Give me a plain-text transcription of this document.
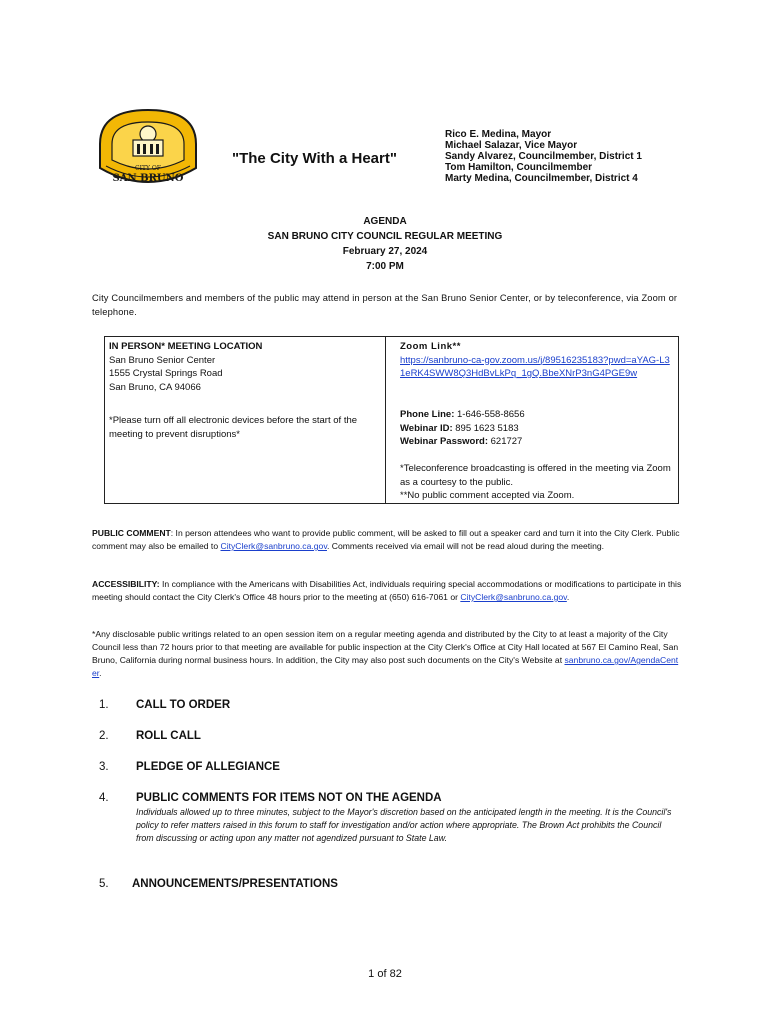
CITY OF
SAN BRUNO
"The City With a Heart"
Rico E. Medina, Mayor
Michael Salazar, Vice Mayor
Sandy Alvarez, Councilmember, District 1
Tom Hamilton, Councilmember
Marty Medina, Councilmember, District 4
AGENDA
SAN BRUNO CITY COUNCIL REGULAR MEETING
February 27, 2024
7:00 PM
City Councilmembers and members of the public may attend in person at the San Bruno Senior Center, or by teleconference, via Zoom or telephone.
IN PERSON* MEETING LOCATION
San Bruno Senior Center
1555 Crystal Springs Road
San Bruno, CA 94066
*Please turn off all electronic devices before the start of the meeting to prevent disruptions*
Zoom Link**
https://sanbruno-ca-gov.zoom.us/j/89516235183?pwd=aYAG-L31eRK4SWW8Q3HdBvLkPq_1gQ.BbeXNrP3nG4PGE9w
Phone Line: 1-646-558-8656
Webinar ID: 895 1623 5183
Webinar Password: 621727
*Teleconference broadcasting is offered in the meeting via Zoom as a courtesy to the public.
**No public comment accepted via Zoom.
PUBLIC COMMENT: In person attendees who want to provide public comment, will be asked to fill out a speaker card and turn it into the City Clerk. Public comment may also be emailed to CityClerk@sanbruno.ca.gov. Comments received via email will not be read aloud during the meeting.
ACCESSIBILITY: In compliance with the Americans with Disabilities Act, individuals requiring special accommodations or modifications to participate in this meeting should contact the City Clerk's Office 48 hours prior to the meeting at (650) 616-7061 or CityClerk@sanbruno.ca.gov.
*Any disclosable public writings related to an open session item on a regular meeting agenda and distributed by the City to at least a majority of the City Council less than 72 hours prior to that meeting are available for public inspection at the City Clerk's Office at City Hall located at 567 El Camino Real, San Bruno, California during normal business hours. In addition, the City may also post such documents on the City's Website at sanbruno.ca.gov/AgendaCenter.
1. CALL TO ORDER
2. ROLL CALL
3. PLEDGE OF ALLEGIANCE
4. PUBLIC COMMENTS FOR ITEMS NOT ON THE AGENDA
Individuals allowed up to three minutes, subject to the Mayor's discretion based on the anticipated length in the meeting. It is the Council's policy to refer matters raised in this forum to staff for investigation and/or action where appropriate. The Brown Act prohibits the Council from discussing or acting upon any matter not agendized pursuant to State Law.
5. ANNOUNCEMENTS/PRESENTATIONS
1 of 82
